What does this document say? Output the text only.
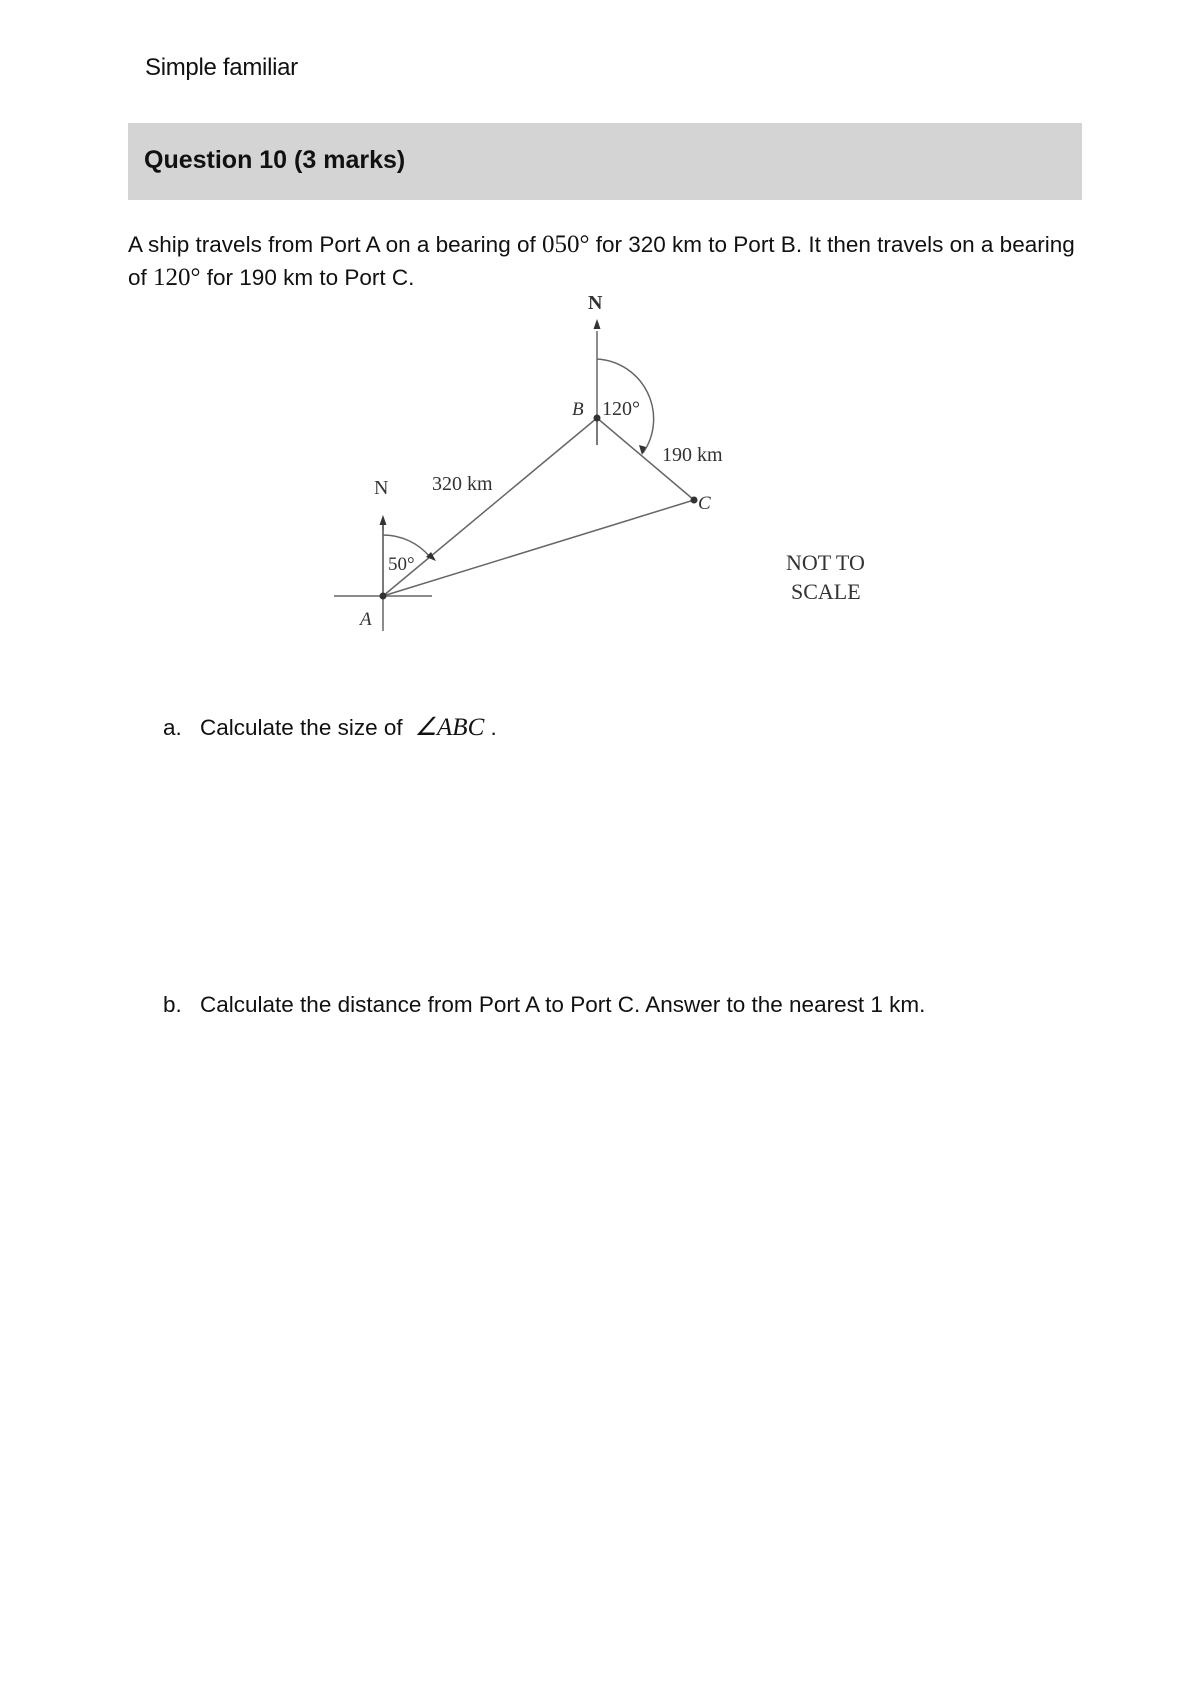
Simple familiar
Question 10 (3 marks)
A ship travels from Port A on a bearing of 050° for 320 km to Port B. It then travels on a bearing of 120° for 190 km to Port C.
N
N
B 120°
190 km
320 km
C
50°
A
NOT TO
SCALE
a. Calculate the size of ∠ABC .
b. Calculate the distance from Port A to Port C. Answer to the nearest 1 km.
